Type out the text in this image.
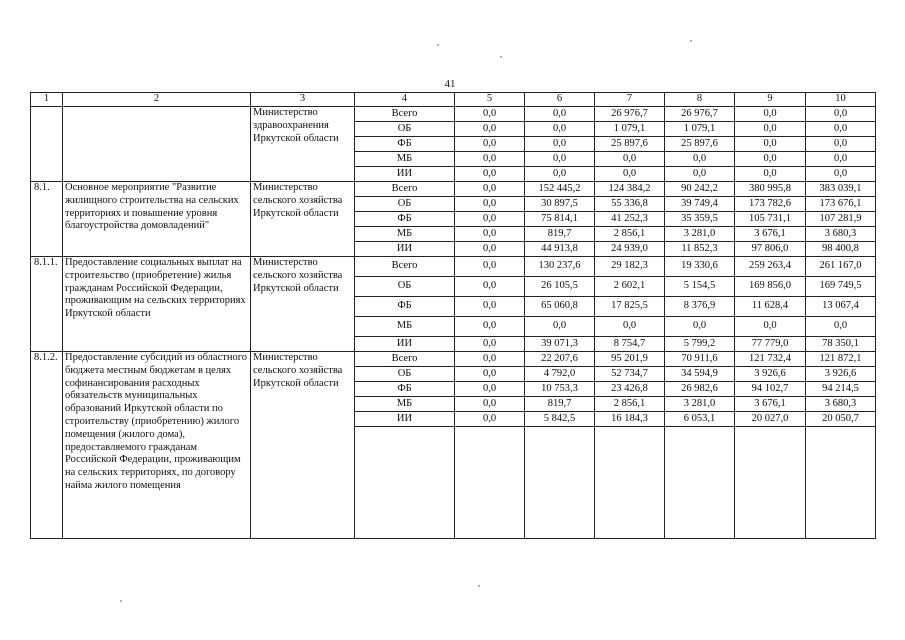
41
1	2	3	4	5	6	7	8	9	10
		Министерство здравоохранения Иркутской области	Всего	0,0	0,0	26 976,7	26 976,7	0,0	0,0
			ОБ	0,0	0,0	1 079,1	1 079,1	0,0	0,0
			ФБ	0,0	0,0	25 897,6	25 897,6	0,0	0,0
			МБ	0,0	0,0	0,0	0,0	0,0	0,0
			ИИ	0,0	0,0	0,0	0,0	0,0	0,0
8.1.	Основное мероприятие "Развитие жилищного строительства на сельских территориях и повышение уровня благоустройства домовладений"	Министерство сельского хозяйства Иркутской области	Всего	0,0	152 445,2	124 384,2	90 242,2	380 995,8	383 039,1
			ОБ	0,0	30 897,5	55 336,8	39 749,4	173 782,6	173 676,1
			ФБ	0,0	75 814,1	41 252,3	35 359,5	105 731,1	107 281,9
			МБ	0,0	819,7	2 856,1	3 281,0	3 676,1	3 680,3
			ИИ	0,0	44 913,8	24 939,0	11 852,3	97 806,0	98 400,8
8.1.1.	Предоставление социальных выплат на строительство (приобретение) жилья гражданам Российской Федерации, проживающим на сельских территориях Иркутской области	Министерство сельского хозяйства Иркутской области	Всего	0,0	130 237,6	29 182,3	19 330,6	259 263,4	261 167,0
			ОБ	0,0	26 105,5	2 602,1	5 154,5	169 856,0	169 749,5
			ФБ	0,0	65 060,8	17 825,5	8 376,9	11 628,4	13 067,4
			МБ	0,0	0,0	0,0	0,0	0,0	0,0
			ИИ	0,0	39 071,3	8 754,7	5 799,2	77 779,0	78 350,1
8.1.2.	Предоставление субсидий из областного бюджета местным бюджетам в целях софинансирования расходных обязательств муниципальных образований Иркутской области по строительству (приобретению) жилого помещения (жилого дома), предоставляемого гражданам Российской Федерации, проживающим на сельских территориях, по договору найма жилого помещения	Министерство сельского хозяйства Иркутской области	Всего	0,0	22 207,6	95 201,9	70 911,6	121 732,4	121 872,1
			ОБ	0,0	4 792,0	52 734,7	34 594,9	3 926,6	3 926,6
			ФБ	0,0	10 753,3	23 426,8	26 982,6	94 102,7	94 214,5
			МБ	0,0	819,7	2 856,1	3 281,0	3 676,1	3 680,3
			ИИ	0,0	5 842,5	16 184,3	6 053,1	20 027,0	20 050,7
